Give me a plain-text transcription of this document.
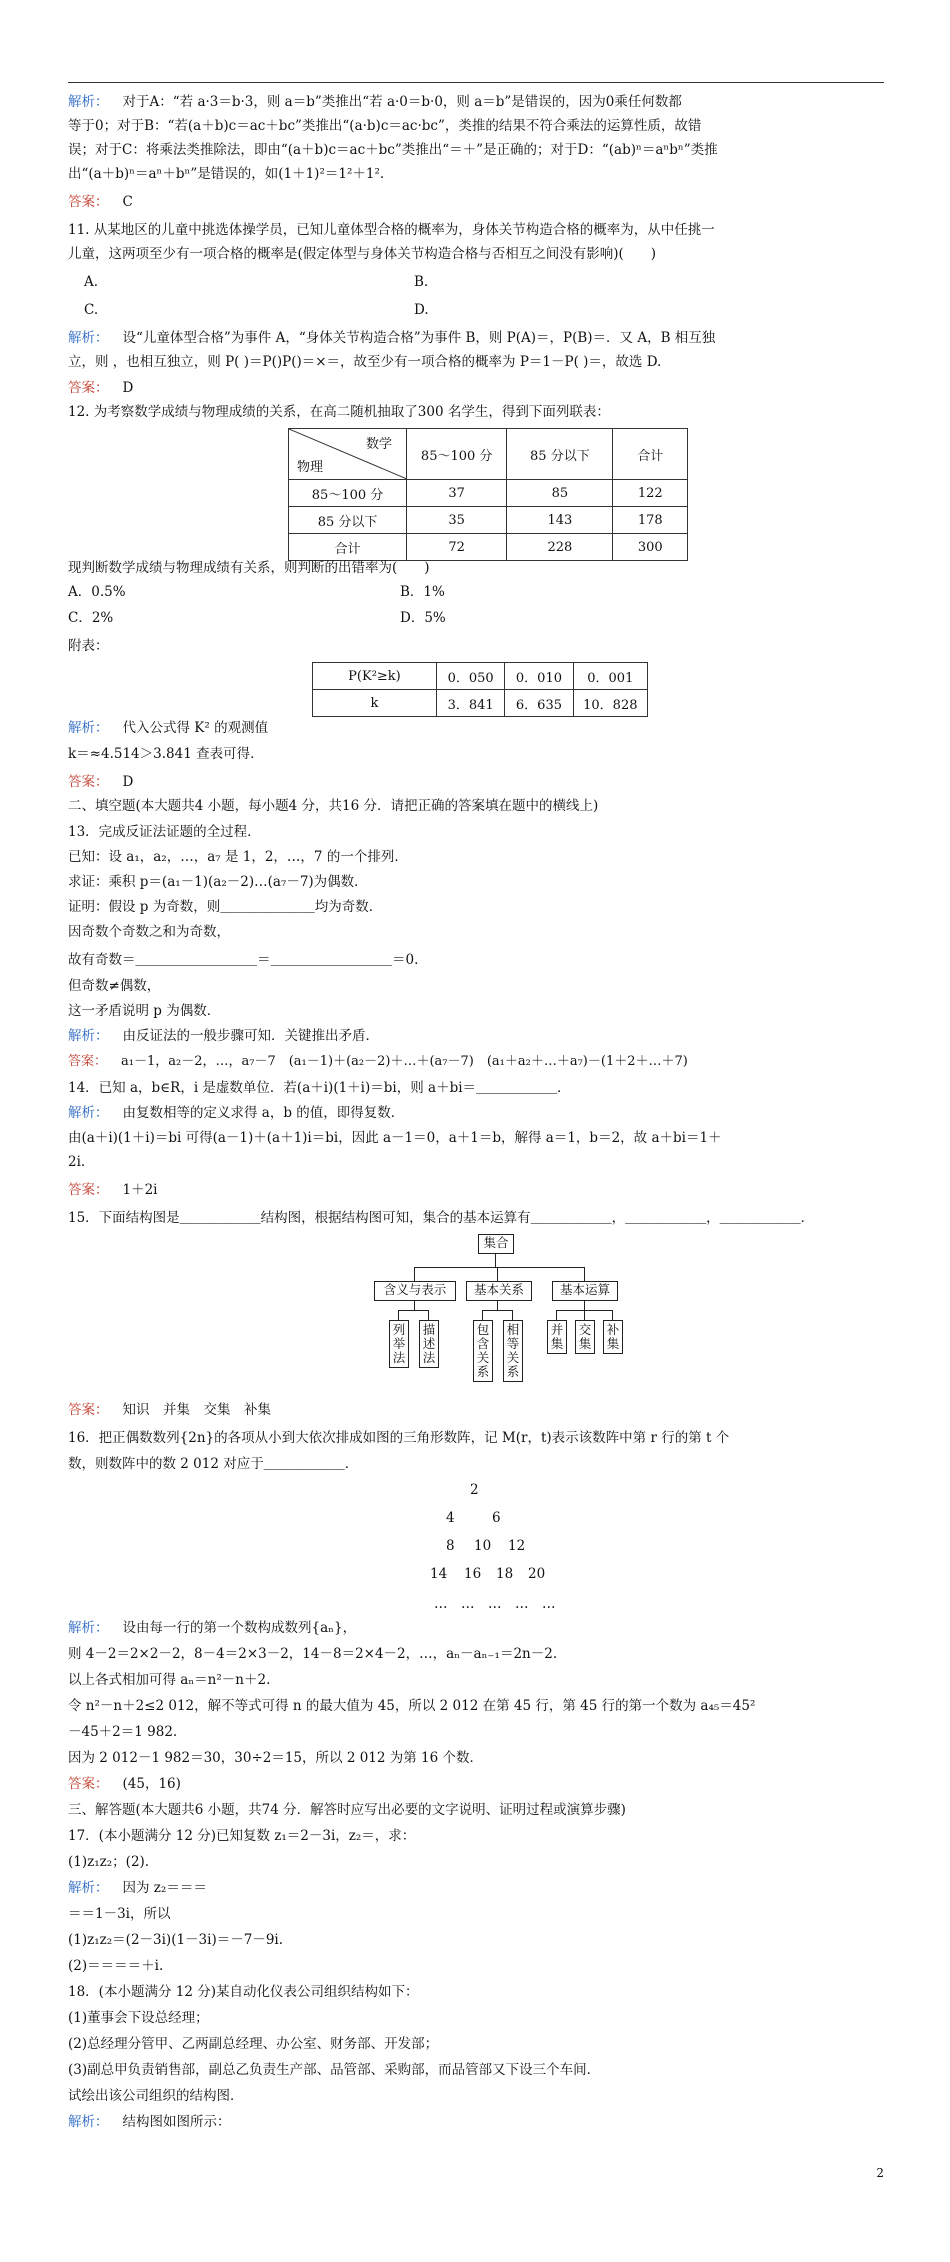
解析： 对于A：“若 a·3＝b·3，则 a＝b”类推出“若 a·0＝b·0，则 a＝b”是错误的，因为0乘任何数都
等于0；对于B：“若(a＋b)c＝ac＋bc”类推出“(a·b)c＝ac·bc”，类推的结果不符合乘法的运算性质，故错
误；对于C：将乘法类推除法，即由“(a＋b)c＝ac＋bc”类推出“＝＋”是正确的；对于D：“(ab)ⁿ＝aⁿbⁿ”类推
出“(a＋b)ⁿ＝aⁿ＋bⁿ”是错误的，如(1＋1)²＝1²＋1².
答案： C
11. 从某地区的儿童中挑选体操学员，已知儿童体型合格的概率为，身体关节构造合格的概率为，从中任挑一
儿童，这两项至少有一项合格的概率是(假定体型与身体关节构造合格与否相互之间没有影响)(　　)
A.	B.
C.	D.
解析： 设“儿童体型合格”为事件 A，“身体关节构造合格”为事件 B，则 P(A)＝，P(B)＝．又 A，B 相互独
立，则 ，也相互独立，则 P( )＝P()P()＝×＝，故至少有一项合格的概率为 P＝1－P( )＝，故选 D.
答案： D
12. 为考察数学成绩与物理成绩的关系，在高二随机抽取了300 名学生，得到下面列联表：
数学
物理	85～100 分	85 分以下	合计
85～100 分	37	85	122
85 分以下	35	143	178
合计	72	228	300
现判断数学成绩与物理成绩有关系，则判断的出错率为(　　)
A．0.5%	B．1%
C．2%	D．5%
附表：
P(K²≥k)	0．050	0．010	0．001
k	3．841	6．635	10．828
解析： 代入公式得 K² 的观测值
k＝≈4.514＞3.841 查表可得．
答案： D
二、填空题(本大题共4 小题，每小题4 分，共16 分．请把正确的答案填在题中的横线上)
13．完成反证法证题的全过程．
已知：设 a₁，a₂，…，a₇ 是 1，2，…，7 的一个排列．
求证：乘积 p＝(a₁－1)(a₂－2)…(a₇－7)为偶数．
证明：假设 p 为奇数，则＿＿＿＿＿＿＿均为奇数．
因奇数个奇数之和为奇数，
故有奇数＝＿＿＿＿＿＿＿＿＿＝＿＿＿＿＿＿＿＿＿＝0.
但奇数≠偶数，
这一矛盾说明 p 为偶数．
解析： 由反证法的一般步骤可知．关键推出矛盾．
答案： a₁－1，a₂－2，…，a₇－7　(a₁－1)＋(a₂－2)＋…＋(a₇－7)　(a₁＋a₂＋…＋a₇)－(1＋2＋…＋7)
14．已知 a，b∈R，i 是虚数单位．若(a＋i)(1＋i)＝bi，则 a＋bi＝＿＿＿＿＿＿．
解析： 由复数相等的定义求得 a，b 的值，即得复数．
由(a＋i)(1＋i)＝bi 可得(a－1)＋(a＋1)i＝bi，因此 a－1＝0，a＋1＝b，解得 a＝1，b＝2，故 a＋bi＝1＋
2i.
答案： 1＋2i
15．下面结构图是＿＿＿＿＿＿结构图，根据结构图可知，集合的基本运算有＿＿＿＿＿＿，＿＿＿＿＿＿，＿＿＿＿＿＿．
集合
含义与表示	基本关系	基本运算
列举法
描述法
包含关系
相等关系
并集
交集
补集
答案： 知识　并集　交集　补集
16．把正偶数数列{2n}的各项从小到大依次排成如图的三角形数阵，记 M(r，t)表示该数阵中第 r 行的第 t 个
数，则数阵中的数 2 012 对应于＿＿＿＿＿＿．
2
4	6
8 10 12
14 16 18 20
…　…　…　…　…
解析： 设由每一行的第一个数构成数列{aₙ}，
则 4－2＝2×2－2，8－4＝2×3－2，14－8＝2×4－2，…，aₙ－aₙ₋₁＝2n－2.
以上各式相加可得 aₙ＝n²－n＋2.
令 n²－n＋2≤2 012，解不等式可得 n 的最大值为 45，所以 2 012 在第 45 行，第 45 行的第一个数为 a₄₅＝45²
－45＋2＝1 982.
因为 2 012－1 982＝30，30÷2＝15，所以 2 012 为第 16 个数．
答案： (45，16)
三、解答题(本大题共6 小题，共74 分．解答时应写出必要的文字说明、证明过程或演算步骤)
17．(本小题满分 12 分)已知复数 z₁＝2－3i，z₂＝，求：
(1)z₁z₂；(2).
解析： 因为 z₂＝＝＝
＝＝1－3i，所以
(1)z₁z₂＝(2－3i)(1－3i)＝－7－9i.
(2)＝＝＝＝＋i.
18．(本小题满分 12 分)某自动化仪表公司组织结构如下：
(1)董事会下设总经理；
(2)总经理分管甲、乙两副总经理、办公室、财务部、开发部；
(3)副总甲负责销售部，副总乙负责生产部、品管部、采购部，而品管部又下设三个车间．
试绘出该公司组织的结构图．
解析： 结构图如图所示：
2
